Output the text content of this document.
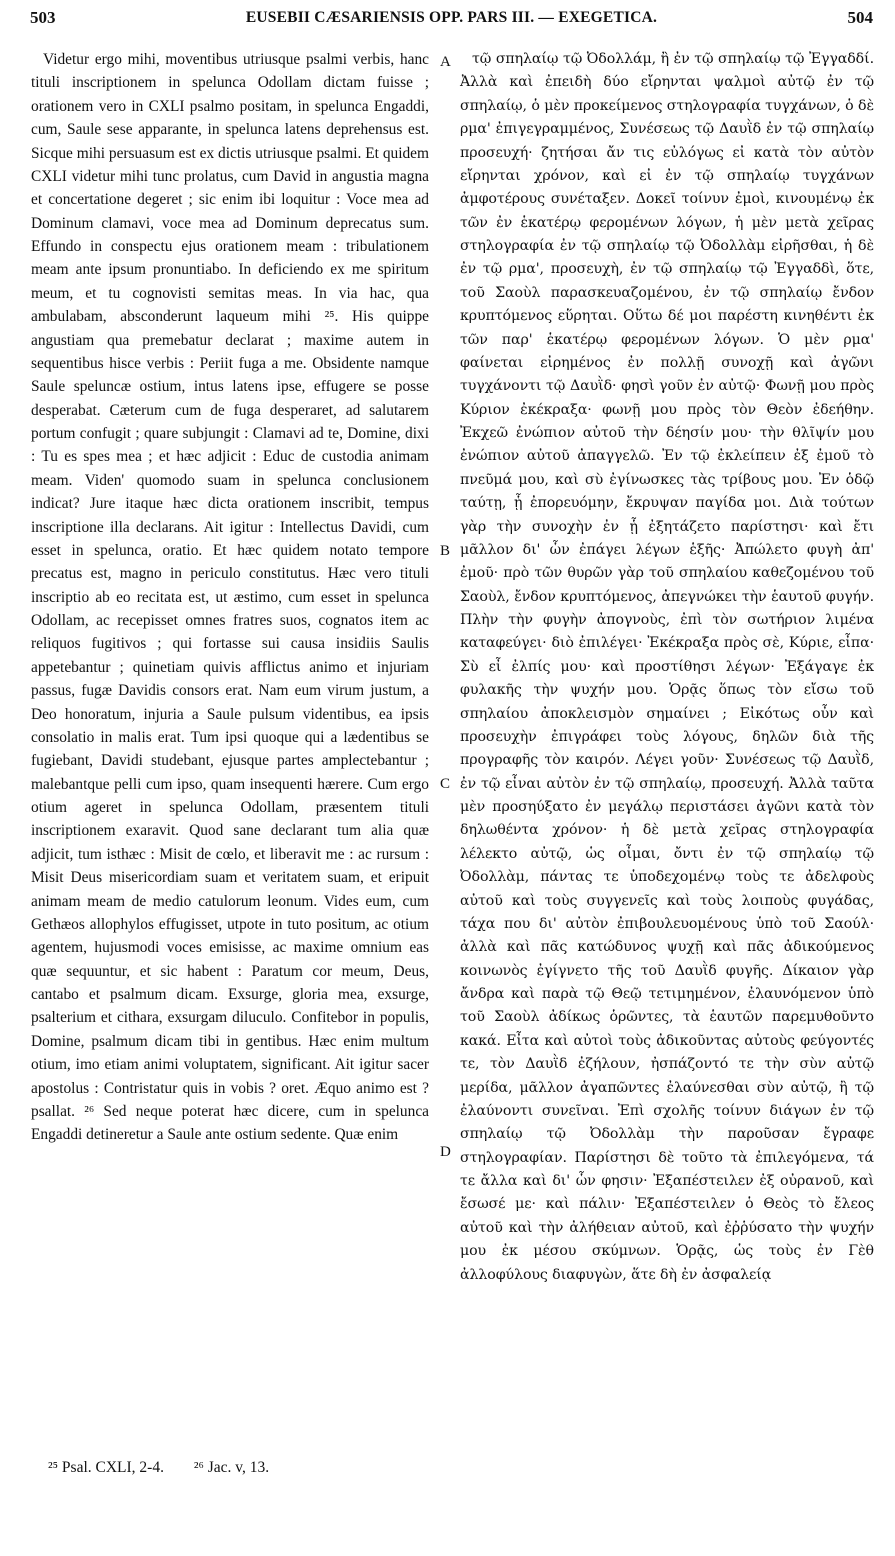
503	EUSEBII CÆSARIENSIS OPP. PARS III. — EXEGETICA.	504

Videtur ergo mihi, moventibus utriusque psalmi verbis, hanc tituli inscriptionem in spelunca Odollam dictam fuisse ; orationem vero in CXLI psalmo positam, in spelunca Engaddi, cum, Saule sese apparante, in spelunca latens deprehensus est. Sicque mihi persuasum est ex dictis utriusque psalmi. Et quidem CXLI videtur mihi tunc prolatus, cum David in angustia magna et concertatione degeret ; sic enim ibi loquitur : Voce mea ad Dominum clamavi, voce mea ad Dominum deprecatus sum. Effundo in conspectu ejus orationem meam : tribulationem meam ante ipsum pronuntiabo. In deficiendo ex me spiritum meum, et tu cognovisti semitas meas. In via hac, qua ambulabam, absconderunt laqueum mihi ²⁵. His quippe angustiam qua premebatur declarat ; maxime autem in sequentibus hisce verbis : Periit fuga a me. Obsidente namque Saule speluncæ ostium, intus latens ipse, effugere se posse desperabat. Cæterum cum de fuga desperaret, ad salutarem portum confugit ; quare subjungit : Clamavi ad te, Domine, dixi : Tu es spes mea ; et hæc adjicit : Educ de custodia animam meam. Viden' quomodo suam in spelunca conclusionem indicat? Jure itaque hæc dicta orationem inscribit, tempus inscriptione illa declarans. Ait igitur : Intellectus Davidi, cum esset in spelunca, oratio. Et hæc quidem notato tempore precatus est, magno in periculo constitutus. Hæc vero tituli inscriptio ab eo recitata est, ut æstimo, cum esset in spelunca Odollam, ac recepisset omnes fratres suos, cognatos item ac reliquos fugitivos ; qui fortasse sui causa insidiis Saulis appetebantur ; quinetiam quivis afflictus animo et injuriam passus, fugæ Davidis consors erat. Nam eum virum justum, a Deo honoratum, injuria a Saule pulsum videntibus, ea ipsis consolatio in malis erat. Tum ipsi quoque qui a lædentibus se fugiebant, Davidi studebant, ejusque partes amplectebantur ; malebantque pelli cum ipso, quam insequenti hærere. Cum ergo otium ageret in spelunca Odollam, præsentem tituli inscriptionem exaravit. Quod sane declarant tum alia quæ adjicit, tum isthæc : Misit de cœlo, et liberavit me : ac rursum : Misit Deus misericordiam suam et veritatem suam, et eripuit animam meam de medio catulorum leonum. Vides eum, cum Gethæos allophylos effugisset, utpote in tuto positum, ac otium agentem, hujusmodi voces emisisse, ac maxime omnium eas quæ sequuntur, et sic habent : Paratum cor meum, Deus, cantabo et psalmum dicam. Exsurge, gloria mea, exsurge, psalterium et cithara, exsurgam diluculo. Confitebor in populis, Domine, psalmum dicam tibi in gentibus. Hæc enim multum otium, imo etiam animi voluptatem, significant. Ait igitur sacer apostolus : Contristatur quis in vobis ? oret. Æquo animo est ? psallat. ²⁶ Sed neque poterat hæc dicere, cum in spelunca Engaddi detineretur a Saule ante ostium sedente. Quæ enim

A
B
C
D

τῷ σπηλαίῳ τῷ Ὀδολλάμ, ἢ ἐν τῷ σπηλαίῳ τῷ Ἐγγαδδί. Ἀλλὰ καὶ ἐπειδὴ δύο εἴρηνται ψαλμοὶ αὐτῷ ἐν τῷ σπηλαίῳ, ὁ μὲν προκείμενος στηλογραφία τυγχάνων, ὁ δὲ ρμα' ἐπιγεγραμμένος, Συνέσεως τῷ Δαυῒδ ἐν τῷ σπηλαίῳ προσευχή· ζητήσαι ἄν τις εὐλόγως εἰ κατὰ τὸν αὐτὸν εἴρηνται χρόνον, καὶ εἰ ἐν τῷ σπηλαίῳ τυγχάνων ἀμφοτέρους συνέταξεν. Δοκεῖ τοίνυν ἐμοὶ, κινουμένῳ ἐκ τῶν ἐν ἑκατέρῳ φερομένων λόγων, ἡ μὲν μετὰ χεῖρας στηλογραφία ἐν τῷ σπηλαίῳ τῷ Ὀδολλὰμ εἰρῆσθαι, ἡ δὲ ἐν τῷ ρμα', προσευχὴ, ἐν τῷ σπηλαίῳ τῷ Ἐγγαδδὶ, ὅτε, τοῦ Σαοὺλ παρασκευαζομένου, ἐν τῷ σπηλαίῳ ἔνδον κρυπτόμενος εὕρηται. Οὕτω δέ μοι παρέστη κινηθέντι ἐκ τῶν παρ' ἑκατέρῳ φερομένων λόγων. Ὁ μὲν ρμα' φαίνεται εἰρημένος ἐν πολλῇ συνοχῇ καὶ ἀγῶνι τυγχάνοντι τῷ Δαυῒδ· φησὶ γοῦν ἐν αὐτῷ· Φωνῇ μου πρὸς Κύριον ἐκέκραξα· φωνῇ μου πρὸς τὸν Θεὸν ἐδεήθην. Ἐκχεῶ ἐνώπιον αὐτοῦ τὴν δέησίν μου· τὴν θλῖψίν μου ἐνώπιον αὐτοῦ ἀπαγγελῶ. Ἐν τῷ ἐκλείπειν ἐξ ἐμοῦ τὸ πνεῦμά μου, καὶ σὺ ἐγίνωσκες τὰς τρίβους μου. Ἐν ὁδῷ ταύτῃ, ᾗ ἐπορευόμην, ἔκρυψαν παγίδα μοι. Διὰ τούτων γὰρ τὴν συνοχὴν ἐν ᾗ ἐξητάζετο παρίστησι· καὶ ἔτι μᾶλλον δι' ὧν ἐπάγει λέγων ἑξῆς· Ἀπώλετο φυγὴ ἀπ' ἐμοῦ· πρὸ τῶν θυρῶν γὰρ τοῦ σπηλαίου καθεζομένου τοῦ Σαοὺλ, ἔνδον κρυπτόμενος, ἀπεγνώκει τὴν ἑαυτοῦ φυγήν. Πλὴν τὴν φυγὴν ἀπογνοὺς, ἐπὶ τὸν σωτήριον λιμένα καταφεύγει· διὸ ἐπιλέγει· Ἐκέκραξα πρὸς σὲ, Κύριε, εἶπα· Σὺ εἶ ἐλπίς μου· καὶ προστίθησι λέγων· Ἐξάγαγε ἐκ φυλακῆς τὴν ψυχήν μου. Ὁρᾷς ὅπως τὸν εἴσω τοῦ σπηλαίου ἀποκλεισμὸν σημαίνει ; Εἰκότως οὖν καὶ προσευχὴν ἐπιγράφει τοὺς λόγους, δηλῶν διὰ τῆς προγραφῆς τὸν καιρόν. Λέγει γοῦν· Συνέσεως τῷ Δαυῒδ, ἐν τῷ εἶναι αὐτὸν ἐν τῷ σπηλαίῳ, προσευχή. Ἀλλὰ ταῦτα μὲν προσηύξατο ἐν μεγάλῳ περιστάσει ἀγῶνι κατὰ τὸν δηλωθέντα χρόνον· ἡ δὲ μετὰ χεῖρας στηλογραφία λέλεκτο αὐτῷ, ὡς οἶμαι, ὄντι ἐν τῷ σπηλαίῳ τῷ Ὀδολλὰμ, πάντας τε ὑποδεχομένῳ τοὺς τε ἀδελφοὺς αὐτοῦ καὶ τοὺς συγγενεῖς καὶ τοὺς λοιποὺς φυγάδας, τάχα που δι' αὐτὸν ἐπιβουλευομένους ὑπὸ τοῦ Σαούλ· ἀλλὰ καὶ πᾶς κατώδυνος ψυχῇ καὶ πᾶς ἀδικούμενος κοινωνὸς ἐγίγνετο τῆς τοῦ Δαυῒδ φυγῆς. Δίκαιον γὰρ ἄνδρα καὶ παρὰ τῷ Θεῷ τετιμημένον, ἐλαυνόμενον ὑπὸ τοῦ Σαοὺλ ἀδίκως ὁρῶντες, τὰ ἑαυτῶν παρεμυθοῦντο κακά. Εἶτα καὶ αὐτοὶ τοὺς ἀδικοῦντας αὐτοὺς φεύγοντές τε, τὸν Δαυῒδ ἐζήλουν, ἠσπάζοντό τε τὴν σὺν αὐτῷ μερίδα, μᾶλλον ἀγαπῶντες ἐλαύνεσθαι σὺν αὐτῷ, ἢ τῷ ἐλαύνοντι συνεῖναι. Ἐπὶ σχολῆς τοίνυν διάγων ἐν τῷ σπηλαίῳ τῷ Ὀδολλὰμ τὴν παροῦσαν ἔγραφε στηλογραφίαν. Παρίστησι δὲ τοῦτο τὰ ἐπιλεγόμενα, τά τε ἄλλα καὶ δι' ὧν φησιν· Ἐξαπέστειλεν ἐξ οὐρανοῦ, καὶ ἔσωσέ με· καὶ πάλιν· Ἐξαπέστειλεν ὁ Θεὸς τὸ ἔλεος αὐτοῦ καὶ τὴν ἀλήθειαν αὐτοῦ, καὶ ἐῤῥύσατο τὴν ψυχήν μου ἐκ μέσου σκύμνων. Ὁρᾷς, ὡς τοὺς ἐν Γὲθ ἀλλοφύλους διαφυγὼν, ἅτε δὴ ἐν ἀσφαλείᾳ

²⁵ Psal. CXLI, 2-4. ²⁶ Jac. v, 13.
